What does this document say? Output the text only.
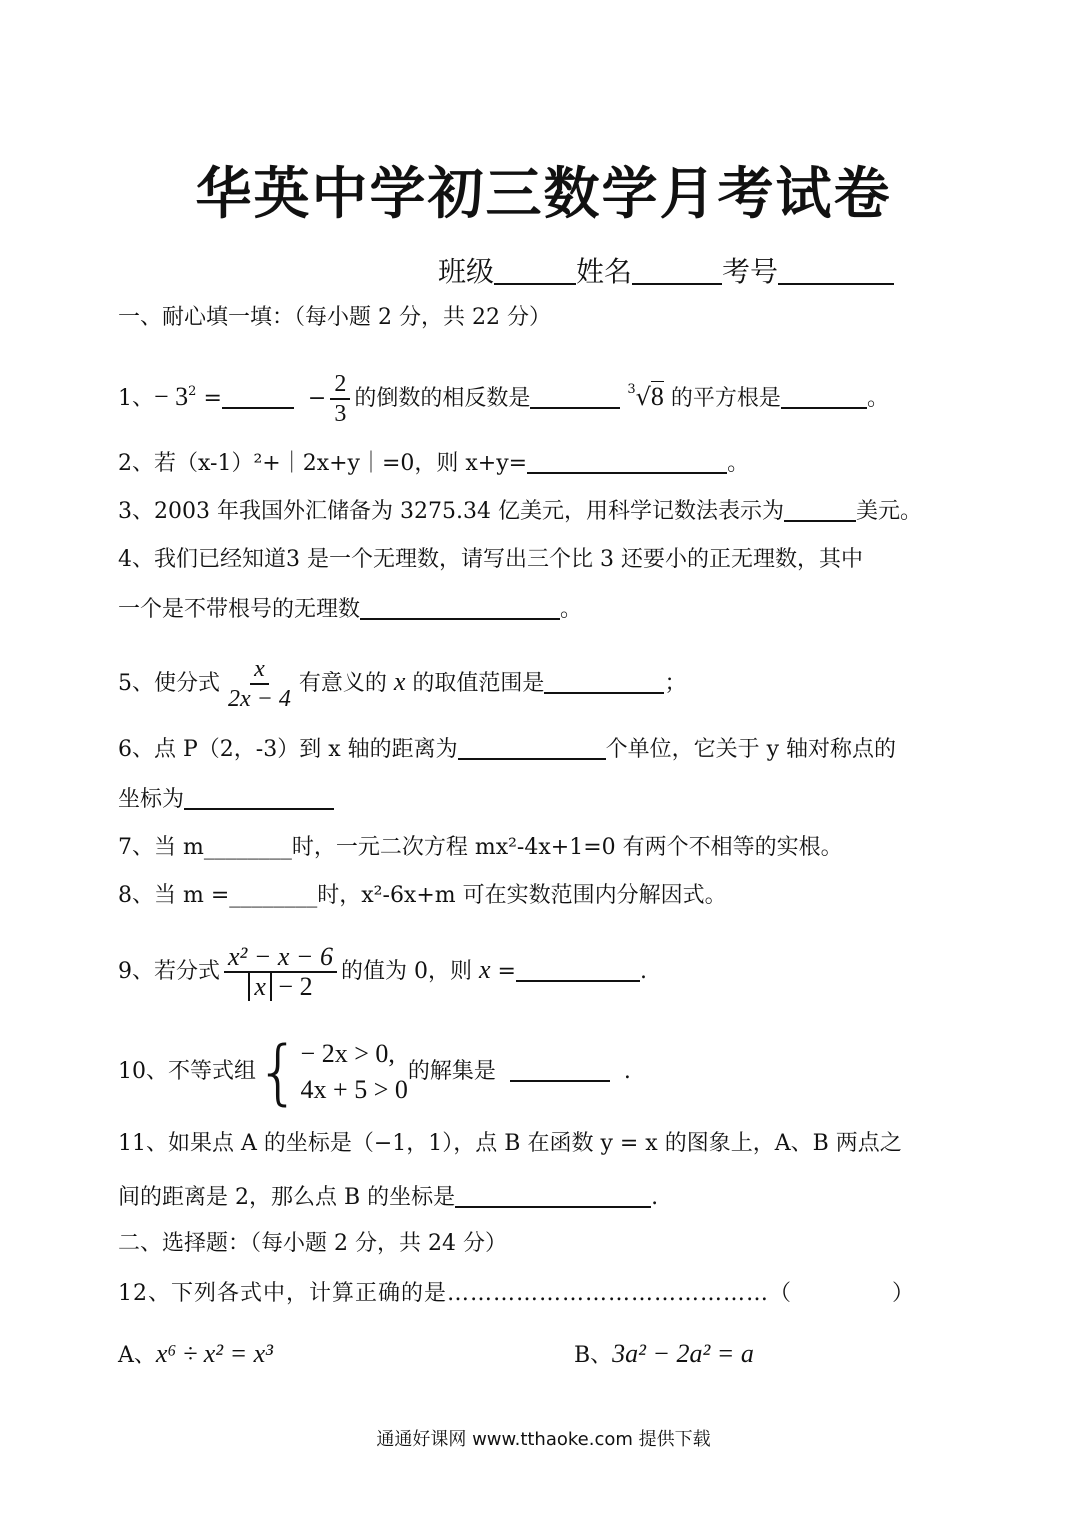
华英中学初三数学月考试卷
班级	姓名	考号
一、耐心填一填：（每小题 2 分，共 22 分）
1、− $3^2$ =	− $\frac{2}{3}$ 的倒数的相反数是	$^3$√8 的平方根是	。
2、若（x-1）²+｜2x+y｜=0，则 x+y=	。
3、2003 年我国外汇储备为 3275.34 亿美元，用科学记数法表示为	美元。
4、我们已经知道3 是一个无理数，请写出三个比 3 还要小的正无理数，其中
一个是不带根号的无理数	。
5、使分式 $\frac{x}{2x - 4}$ 有意义的 x 的取值范围是	；
6、点 P（2，-3）到 x 轴的距离为	个单位，它关于 y 轴对称点的
坐标为
7、当 m________时，一元二次方程 mx²-4x+1=0 有两个不相等的实根。
8、当 m =________时，x²-6x+m 可在实数范围内分解因式。
9、若分式 $\frac{\text{x² − x − 6}}{x - 2}$ 的值为 0，则 x =	.
10、不等式组{ − 2x > 0,
4x + 5 > 0
的解集是	.
11、如果点 A 的坐标是（−1，1），点 B 在函数 y = x 的图象上，A、B 两点之
间的距离是 2，那么点 B 的坐标是	.
二、选择题：（每小题 2 分，共 24 分）
12、下列各式中，计算正确的是……………………………………（	）
A、x⁶ ÷ x² = x³	B、3a² − 2a² = a
通通好课网 www.tthaoke.com 提供下载
